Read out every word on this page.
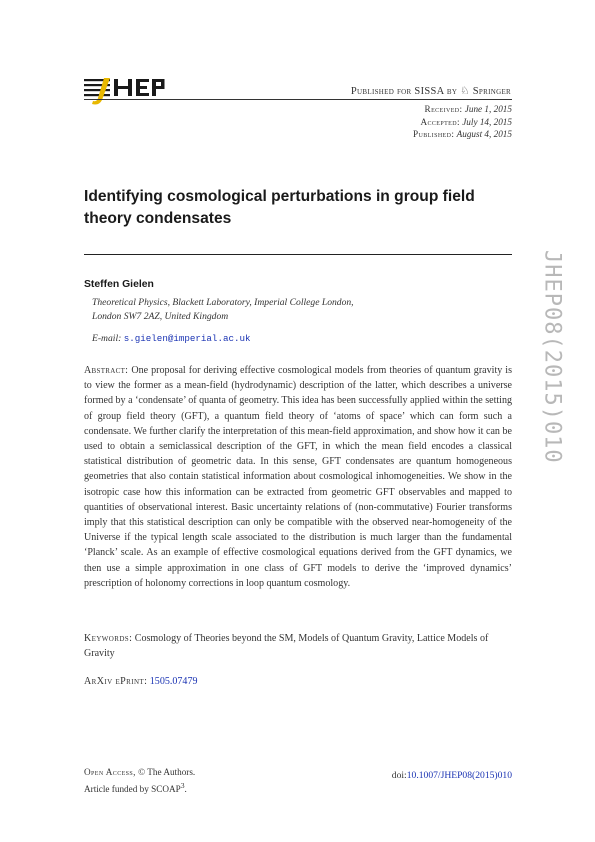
Published for SISSA by ♘ Springer
Received: June 1, 2015
Accepted: July 14, 2015
Published: August 4, 2015
Identifying cosmological perturbations in group field theory condensates
Steffen Gielen
Theoretical Physics, Blackett Laboratory, Imperial College London,
London SW7 2AZ, United Kingdom
E-mail: s.gielen@imperial.ac.uk
Abstract: One proposal for deriving effective cosmological models from theories of quantum gravity is to view the former as a mean-field (hydrodynamic) description of the latter, which describes a universe formed by a ‘condensate’ of quanta of geometry. This idea has been successfully applied within the setting of group field theory (GFT), a quantum field theory of ‘atoms of space’ which can form such a condensate. We further clarify the interpretation of this mean-field approximation, and show how it can be used to obtain a semiclassical description of the GFT, in which the mean field encodes a classical statistical distribution of geometric data. In this sense, GFT condensates are quantum homogeneous geometries that also contain statistical information about cosmological inhomogeneities. We show in the isotropic case how this information can be extracted from geometric GFT observables and mapped to quantities of observational interest. Basic uncertainty relations of (non-commutative) Fourier transforms imply that this statistical description can only be compatible with the observed near-homogeneity of the Universe if the typical length scale associated to the distribution is much larger than the fundamental ‘Planck’ scale. As an example of effective cosmological equations derived from the GFT dynamics, we then use a simple approximation in one class of GFT models to derive the ‘improved dynamics’ prescription of holonomy corrections in loop quantum cosmology.
Keywords: Cosmology of Theories beyond the SM, Models of Quantum Gravity, Lattice Models of Gravity
ArXiv ePrint: 1505.07479
Open Access, © The Authors.
Article funded by SCOAP$^3$.
doi:10.1007/JHEP08(2015)010
JHEP08(2015)010
